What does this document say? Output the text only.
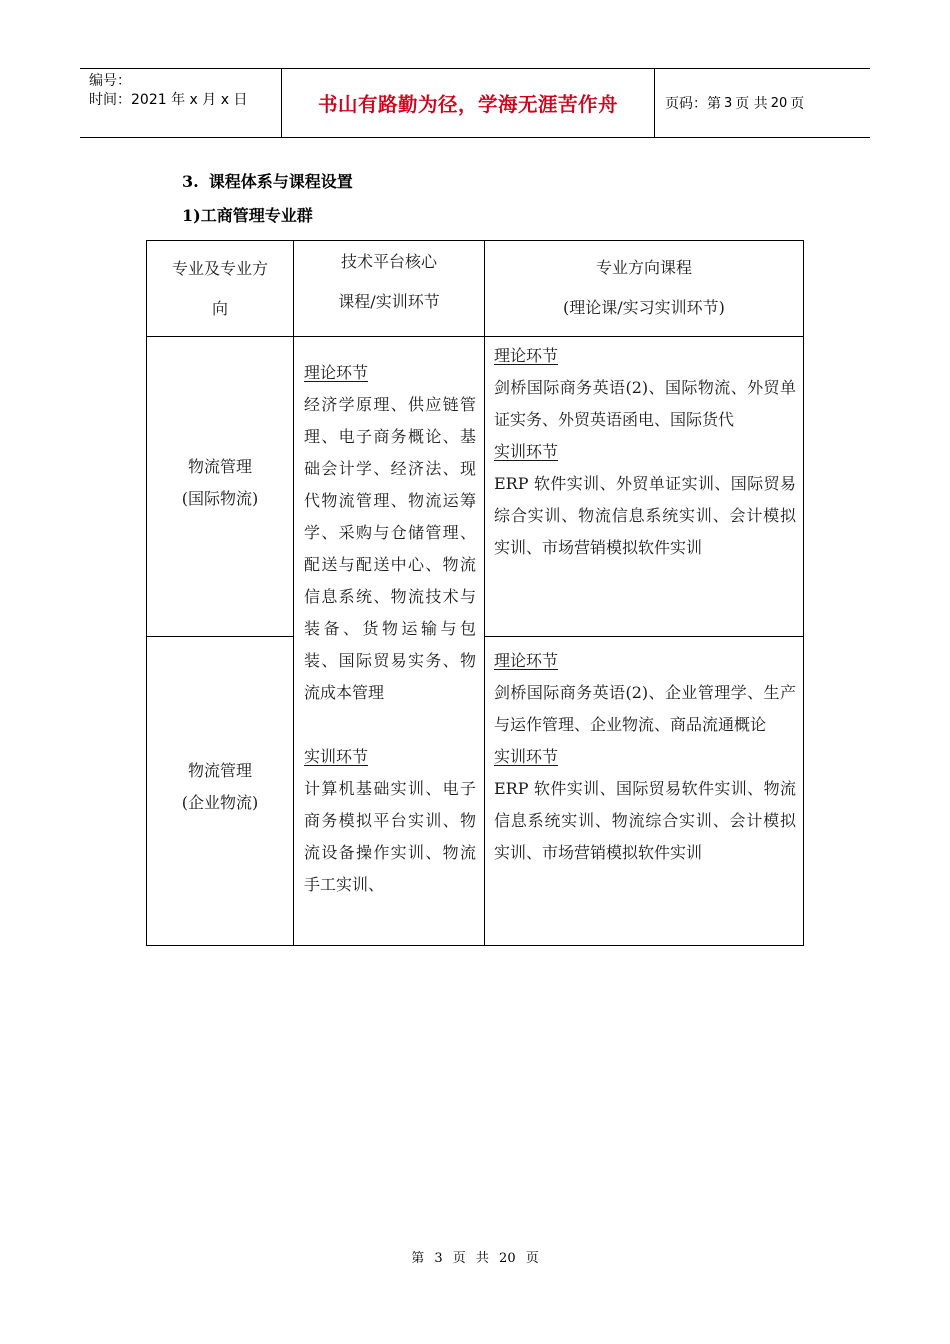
编号：
时间：2021 年 x 月 x 日	书山有路勤为径，学海无涯苦作舟	页码：第 3 页 共 20 页
3. 课程体系与课程设置
1)工商管理专业群
专业及专业方
向
技术平台核心
课程/实训环节
专业方向课程
(理论课/实习实训环节)
物流管理
(国际物流)
物流管理
(企业物流)

理论环节

经济学原理、供应链管理、电子商务概论、基础会计学、经济法、现代物流管理、物流运筹学、采购与仓储管理、配送与配送中心、物流信息系统、物流技术与装备、货物运输与包装、国际贸易实务、物流成本管理

实训环节

计算机基础实训、电子商务模拟平台实训、物流设备操作实训、物流手工实训、

理论环节

剑桥国际商务英语(2)、国际物流、外贸单证实务、外贸英语函电、国际货代

实训环节

ERP 软件实训、外贸单证实训、国际贸易综合实训、物流信息系统实训、会计模拟实训、市场营销模拟软件实训

理论环节

剑桥国际商务英语(2)、企业管理学、生产与运作管理、企业物流、商品流通概论

实训环节

ERP 软件实训、国际贸易软件实训、物流信息系统实训、物流综合实训、会计模拟实训、市场营销模拟软件实训

第 3 页 共 20 页
